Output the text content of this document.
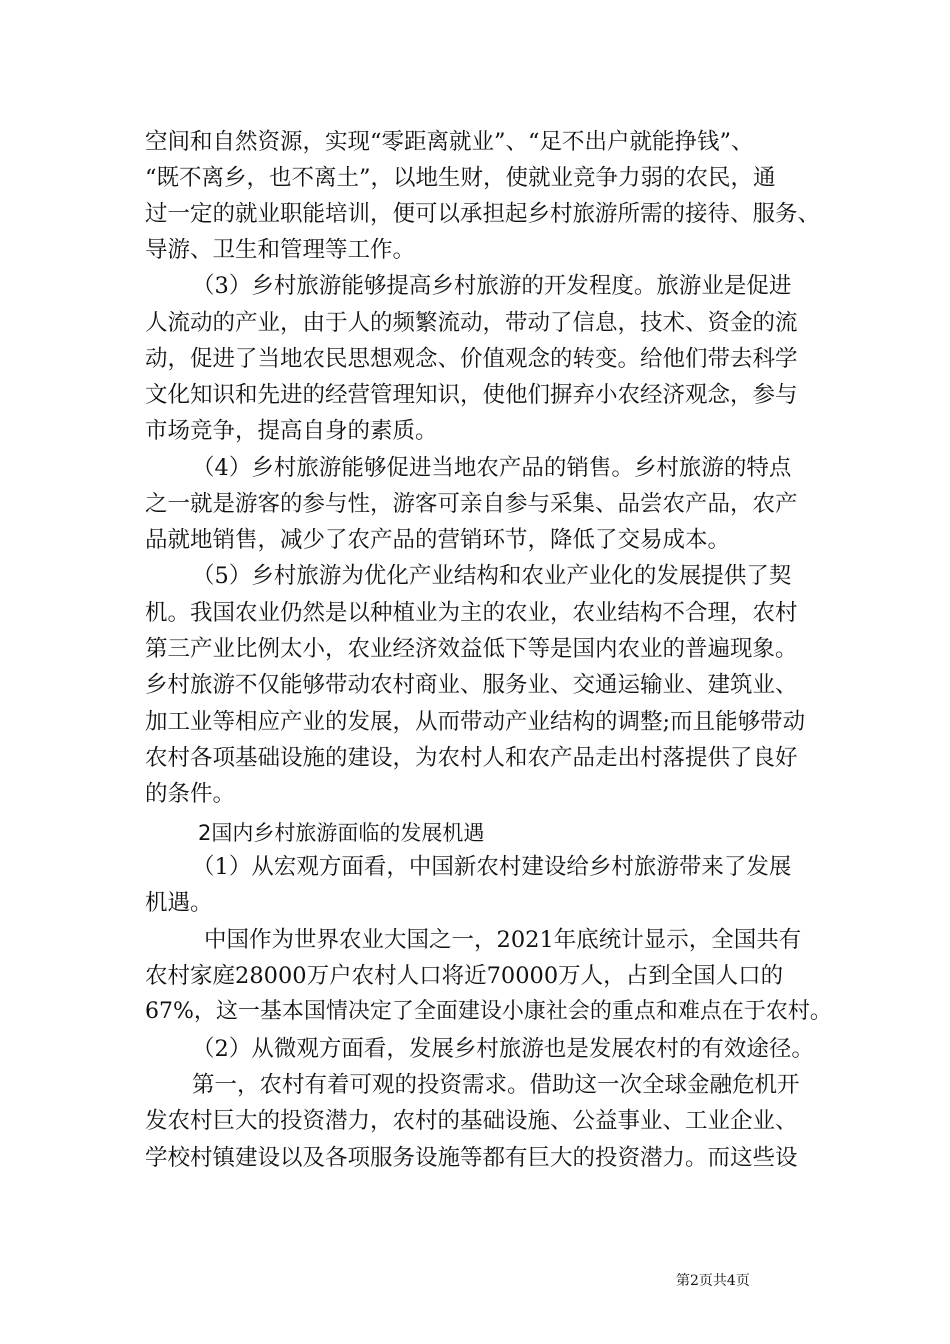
空间和自然资源，实现“零距离就业”、“足不出户就能挣钱”、
“既不离乡，也不离土”，以地生财，使就业竞争力弱的农民，通
过一定的就业职能培训，便可以承担起乡村旅游所需的接待、服务、
导游、卫生和管理等工作。
（3）乡村旅游能够提高乡村旅游的开发程度。旅游业是促进
人流动的产业，由于人的频繁流动，带动了信息，技术、资金的流
动，促进了当地农民思想观念、价值观念的转变。给他们带去科学
文化知识和先进的经营管理知识，使他们摒弃小农经济观念，参与
市场竞争，提高自身的素质。
（4）乡村旅游能够促进当地农产品的销售。乡村旅游的特点
之一就是游客的参与性，游客可亲自参与采集、品尝农产品，农产
品就地销售，减少了农产品的营销环节，降低了交易成本。
（5）乡村旅游为优化产业结构和农业产业化的发展提供了契
机。我国农业仍然是以种植业为主的农业，农业结构不合理，农村
第三产业比例太小，农业经济效益低下等是国内农业的普遍现象。
乡村旅游不仅能够带动农村商业、服务业、交通运输业、建筑业、
加工业等相应产业的发展，从而带动产业结构的调整;而且能够带动
农村各项基础设施的建设，为农村人和农产品走出村落提供了良好
的条件。
2国内乡村旅游面临的发展机遇
（1）从宏观方面看，中国新农村建设给乡村旅游带来了发展
机遇。
中国作为世界农业大国之一，2021年底统计显示，全国共有
农村家庭28000万户农村人口将近70000万人，占到全国人口的
67%，这一基本国情决定了全面建设小康社会的重点和难点在于农村。
（2）从微观方面看，发展乡村旅游也是发展农村的有效途径。
第一，农村有着可观的投资需求。借助这一次全球金融危机开
发农村巨大的投资潜力，农村的基础设施、公益事业、工业企业、
学校村镇建设以及各项服务设施等都有巨大的投资潜力。而这些设
第2页共4页
